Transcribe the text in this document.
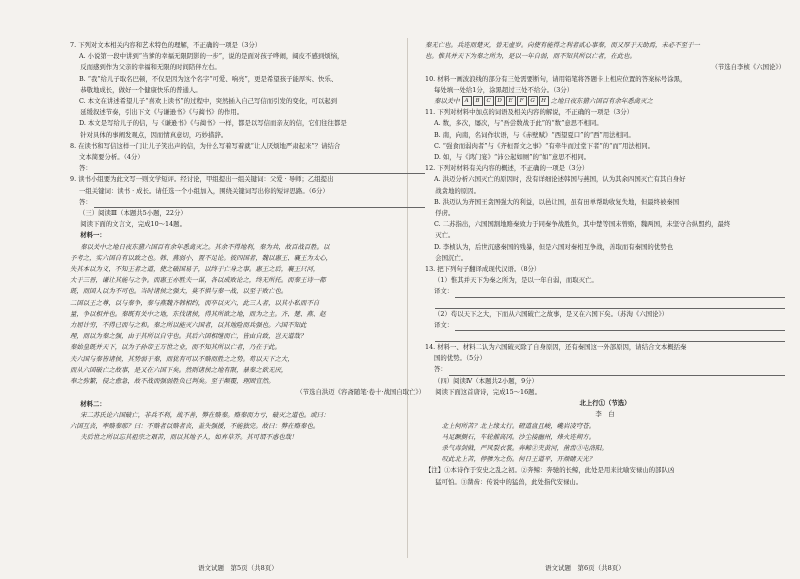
7. 下列对文本相关内容和艺术特色的理解，不正确的一项是（3分）

A. 小说第一段中讲到“当爹的幸福无限阴影的一步”，说的是面对孩子哗闹，阔皮不感到烦恼，

反而感到作为父亲的幸福和无限的时间陪伴左右。

B. “我”给儿子取名巴顿，不仅是因为这个名字“可爱、响亮”，更是希望孩子能厚实、快乐、

恭敬地成长，做好一个健康快乐的普通人。

C. 本文在讲述希望儿子“喜欢上读书”的过程中，突然插入自己写信而引发的变化，可以起到

延缓叙述节奏，引出下文《与谦逊书》《与蔺书》的作用。

D. 本文是写给儿子的信，与《谦逊书》《与蔺书》一样，都是以写信而亲友的信，它们往往都是

针对具体的事阐发观点，因而情真意切，巧妙措辞。

8. 在读书和写信这样一门让儿子笑出声的信，为什么写着写着就“让人厌烦地严肃起来”？请结合

文本简要分析。（4分）

答：

9. 读书小组要为此文写一则文学短评。经讨论，甲组提出一组关键词：父爱 · 导师；乙组提出

一组关键词：读书 · 成长。请任选一个小组加入，围绕关键词写出你的短评思路。（6分）

答：

（三）阅读Ⅲ（本题共5小题，22分）

阅读下面的文言文，完成10～14题。

材料一：

秦以关中之地日夜东猎六国百有余年悉禽灭之。其余不得地利，秦为共，故百战百胜。以

予考之，实六国自有以致之也。韩、燕弱小，置不足论。彼四国者，魏以惠王、襄王为太心，

失其本以为义，不知王者之道，使之破国易子，以终于亡身之事。惠王之后，襄王只河，

大于三晋，谦让其能与之争。而惠王亦胜夫一谋，各以成败论之，终无所托。而秦王诗一都

既，而国人以为不可也。当时诸侯之强大，莫不惧与秦一战，以至于败亡也。

二国以王之尊，以与秦争，秦与燕魏齐韩相约，而卒以灭六，此三人者，以其小私而不自

量，争以相并也。秦既有关中之地，东伐诸侯，得其所欲之地，而为之主。齐、楚、燕、赵

力屈计穷，不得已而与之和。秦之所以能灭六国者，以其地险而兵强也。六国不知此

理，而以为秦之强，由于其所以自守也。其后六国相继而亡，皆由自致，岂天道哉？

秦始皇既并天下，以为子孙帝王万世之业，而不知其所以亡者，乃在于此。

夫六国与秦皆诸侯，其势弱于秦，而犹有可以不赂而胜之之势。苟以天下之大，

而从六国破亡之故事，是又在六国下矣。然则诸侯之地有限，暴秦之欲无厌，

奉之弥繁，侵之愈急，故不战而强弱胜负已判矣。至于颠覆，理固宜然。

（节选自洪迈《容斋随笔·卷十·战国自取亡》）

材料二：

宋二苏氏论六国破亡，非兵不利，战不善，弊在赂秦。赂秦而力亏，破灭之道也。或曰：

六国互丧，率赂秦耶？曰：不赂者以赂者丧，盖失强援，不能独完。故曰：弊在赂秦也。

夫后世之所以忘其祖宗之艰苦，而以其地予人，如弃草芥。其可谓不惑也哉！

秦无亡也。兵连而楚灭，曾无虚岁。向使有能得之利者贰心事秦，而又厚于天助焉，未必不至于一

也。惟其并天下为秦之所为，是以一年自弱，而不知其所以亡者，在此也。

（节选自李桢《六国论》）

10. 材料一画波浪线的部分有三处需要断句，请用铅笔将答题卡上相应位置的答案标号涂黑，

每处填一处给1分，涂黑超过三处不给分。（3分）

秦以关中 A	B	C	D	E	F	G	H 之地日夜东猎六国百有余年悉禽灭之

11. 下列对材料中加点的词语及相关内容的解说，不正确的一项是（3分）

A. 数，多次，屡次，与“吾尝数战于此”的“数”意思不相同。

B. 南，向南，名词作状语，与《赤壁赋》“西望夏口”的“西”用法相同。

C. “强食而弱肉者”与《齐桓晋文之事》“有牵牛而过堂下者”的“而”用法相同。

D. 如，与《鸿门宴》“沛公起如厕”的“如”意思不相同。

12. 下列对材料有关内容的概述，不正确的一项是（3分）

A. 洪迈分析六国灭亡的原因时，没有详细论述韩国与燕国，认为其余四国灭亡有其自身好

战贪地的原因。

B. 洪迈认为齐国王贪图强大的利益，以邑让国，虽有田单帮助收复失地，但最终被秦国

俘虏。

C. 二苏指出，六国国割地赂秦致力于同秦争战胜负，其中楚等国末曾赂，魏两国，未坚守合纵盟约，最终

灭亡。

D. 李桢认为，后世沉感秦国的残暴，但是六国对秦相互争战，善取而有秦国的优势也

会国沉亡。

13. 把下列句子翻译成现代汉语。（8分）

（1）惟其并天下为秦之所为，是以一年自弱，而取灭亡。

译文：

（2）苟以天下之大，下而从六国破亡之故事，是又在六国下矣。（苏洵《六国论》）

译文：

14. 材料一、材料二认为六国破灭除了自身原因，还有秦国这一外部原因，请结合文本概括秦

国的优势。（5分）

答：

（四）阅读Ⅳ（本题共2小题，9分）

阅读下面这首唐诗，完成15～16题。

北上行①（节选）

李　白

北上何所苦？北上缘太行。磴道盘且峻，巉岩凌穹苍。

马足蹶侧石，车轮摧高冈。沙尘接幽州，烽火连朔方。

杀气毒剑戟，严风裂衣裳。奔鲸②夹黄河，凿齿③屯洛阳。

叹此北上苦，停骖为之伤。何日王道平，开颜睹天光？

【注】①本诗作于安史之乱之初。②奔鲸：奔驰的长鲸，此处是用来比喻安禄山的部队凶

猛可怕。③凿齿：传说中的猛兽，此处指代安禄山。

语文试题　第5页（共8页）	语文试题　第6页（共8页）
